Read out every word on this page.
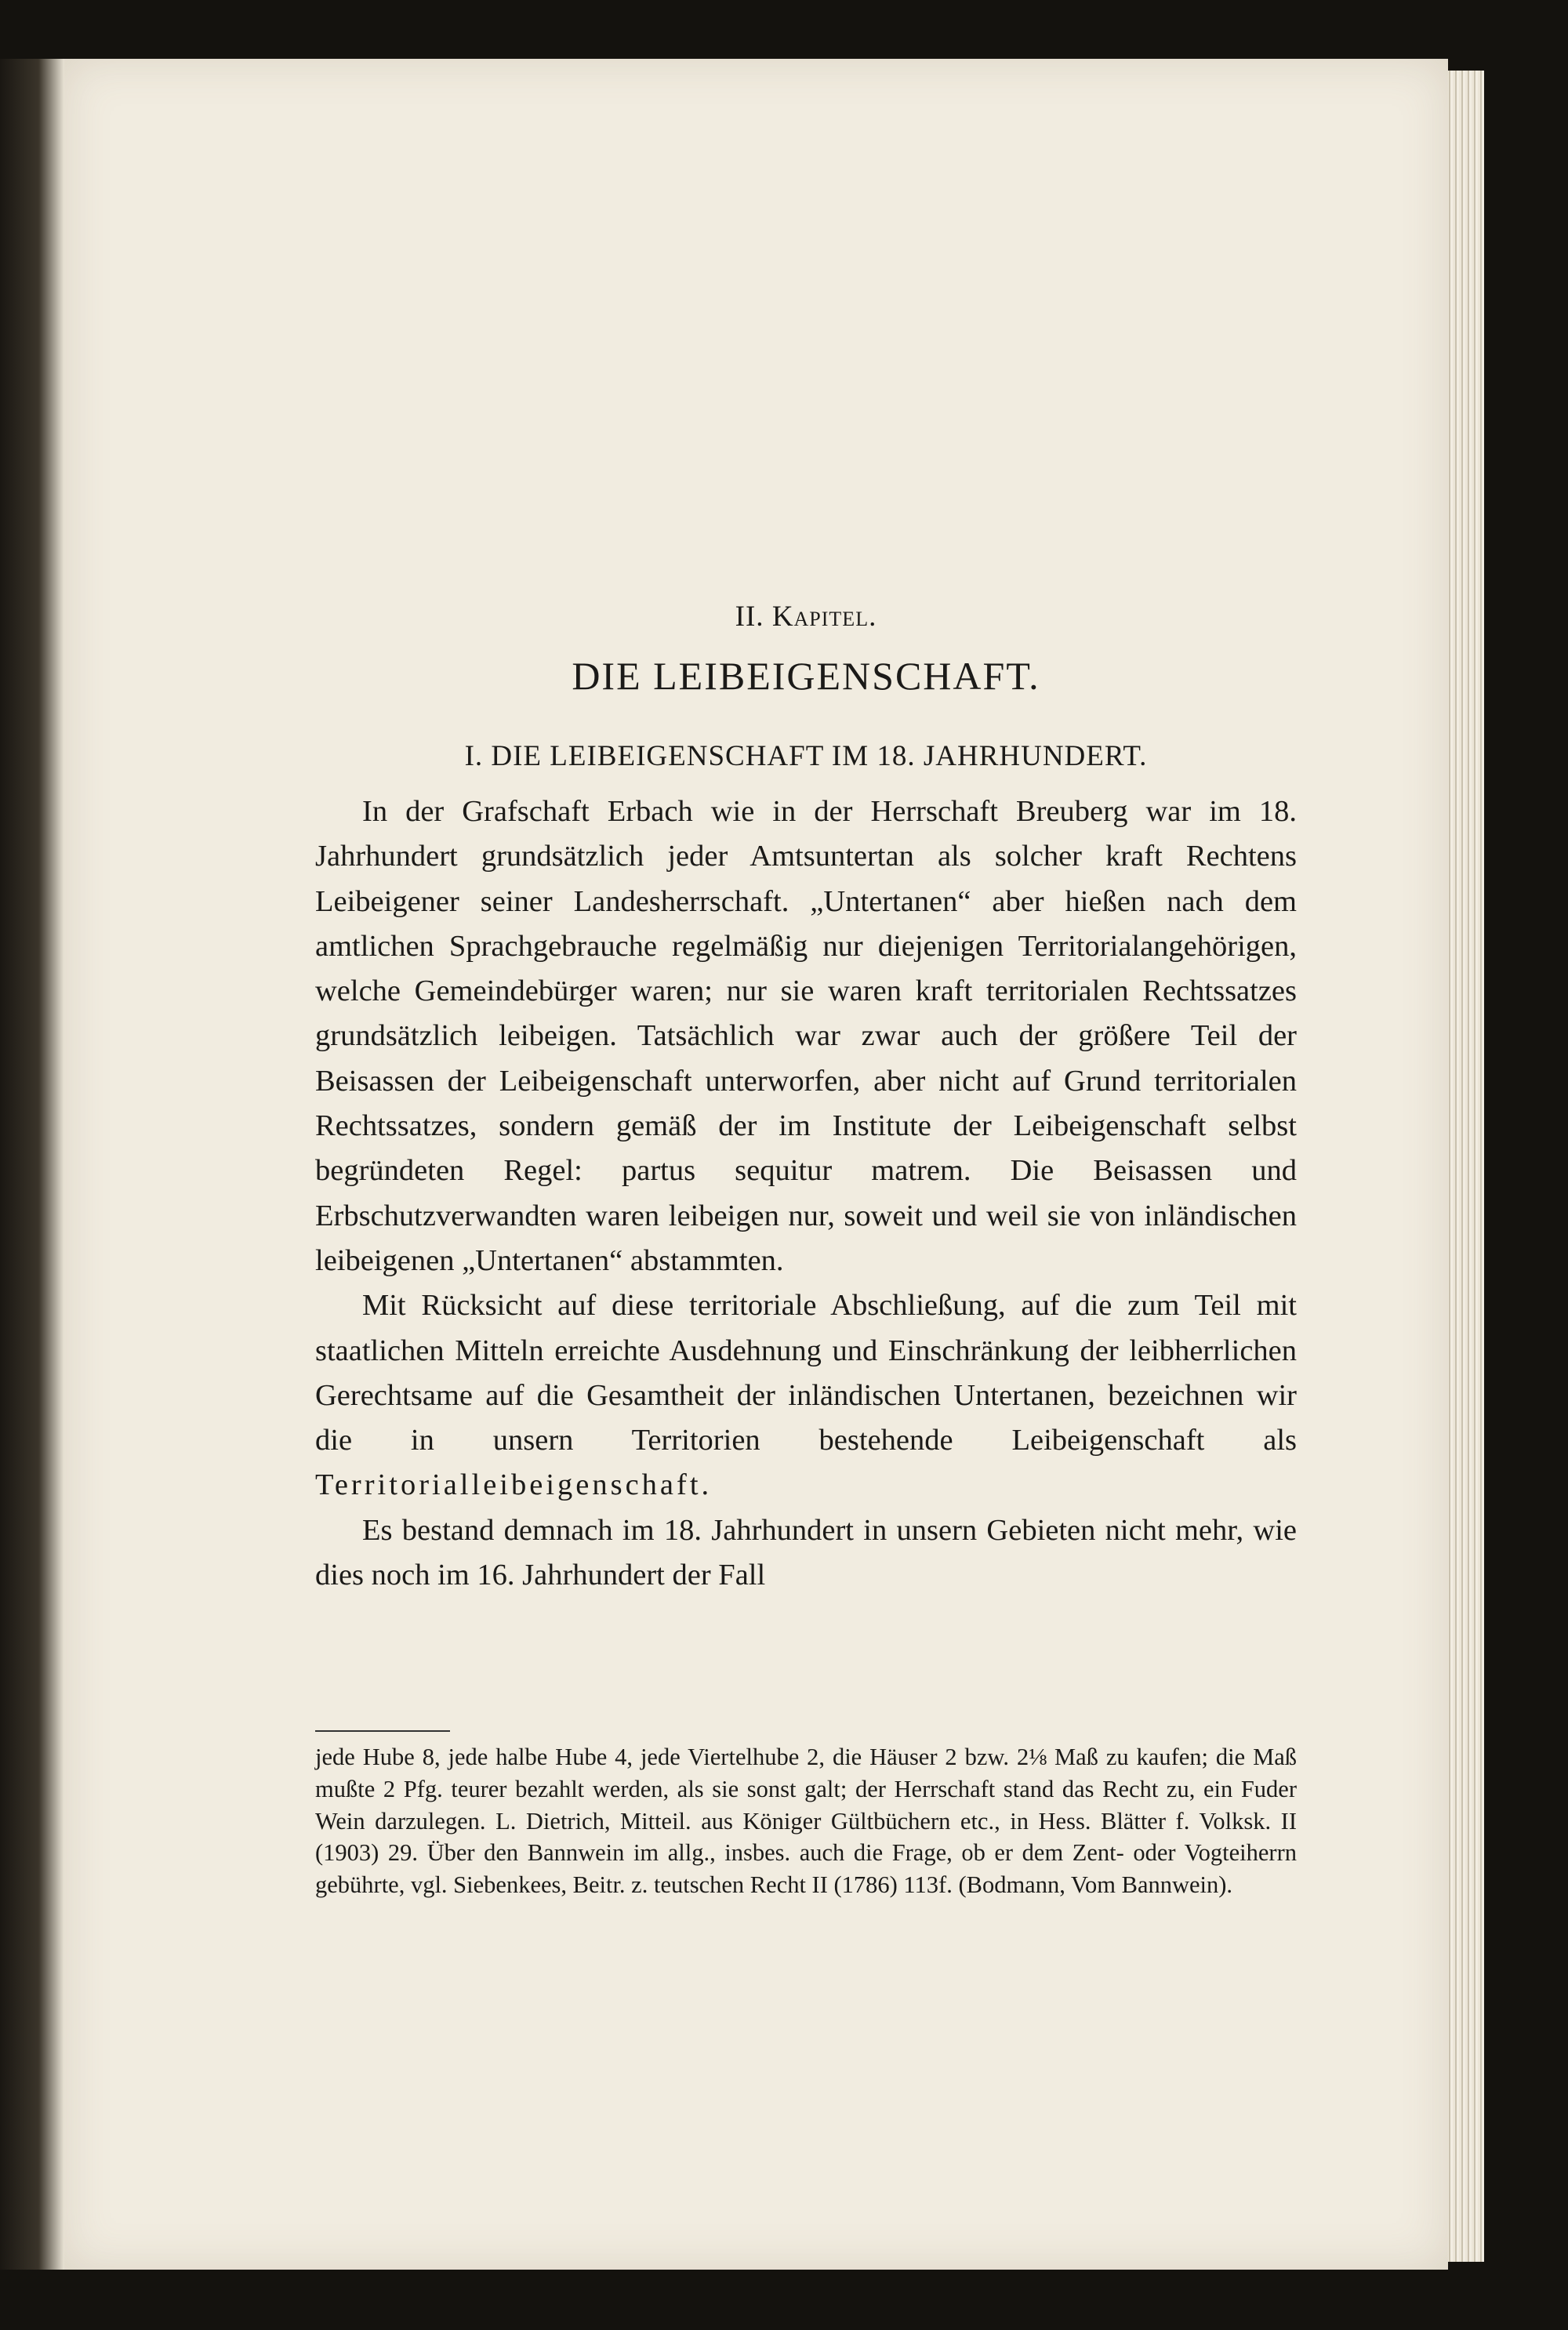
II. Kapitel.
DIE LEIBEIGENSCHAFT.
I. DIE LEIBEIGENSCHAFT IM 18. JAHRHUNDERT.

In der Grafschaft Erbach wie in der Herrschaft Breuberg war im 18. Jahrhundert grundsätzlich jeder Amtsuntertan als solcher kraft Rechtens Leibeigener seiner Landesherrschaft. „Untertanen“ aber hießen nach dem amtlichen Sprachgebrauche regelmäßig nur diejenigen Territorialangehörigen, welche Gemeindebürger waren; nur sie waren kraft territorialen Rechtssatzes grundsätzlich leibeigen. Tatsächlich war zwar auch der größere Teil der Beisassen der Leibeigenschaft unterworfen, aber nicht auf Grund territorialen Rechtssatzes, sondern gemäß der im Institute der Leibeigenschaft selbst begründeten Regel: partus sequitur matrem. Die Beisassen und Erbschutzverwandten waren leibeigen nur, soweit und weil sie von inländischen leibeigenen „Untertanen“ abstammten.

Mit Rücksicht auf diese territoriale Abschließung, auf die zum Teil mit staatlichen Mitteln erreichte Ausdehnung und Einschränkung der leibherrlichen Gerechtsame auf die Gesamtheit der inländischen Untertanen, bezeichnen wir die in unsern Territorien bestehende Leibeigenschaft als Territorialleibeigenschaft.

Es bestand demnach im 18. Jahrhundert in unsern Gebieten nicht mehr, wie dies noch im 16. Jahrhundert der Fall

jede Hube 8, jede halbe Hube 4, jede Viertelhube 2, die Häuser 2 bzw. 2⅛ Maß zu kaufen; die Maß mußte 2 Pfg. teurer bezahlt werden, als sie sonst galt; der Herrschaft stand das Recht zu, ein Fuder Wein darzulegen. L. Dietrich, Mitteil. aus Königer Gültbüchern etc., in Hess. Blätter f. Volksk. II (1903) 29. Über den Bannwein im allg., insbes. auch die Frage, ob er dem Zent- oder Vogteiherrn gebührte, vgl. Siebenkees, Beitr. z. teutschen Recht II (1786) 113f. (Bodmann, Vom Bannwein).
